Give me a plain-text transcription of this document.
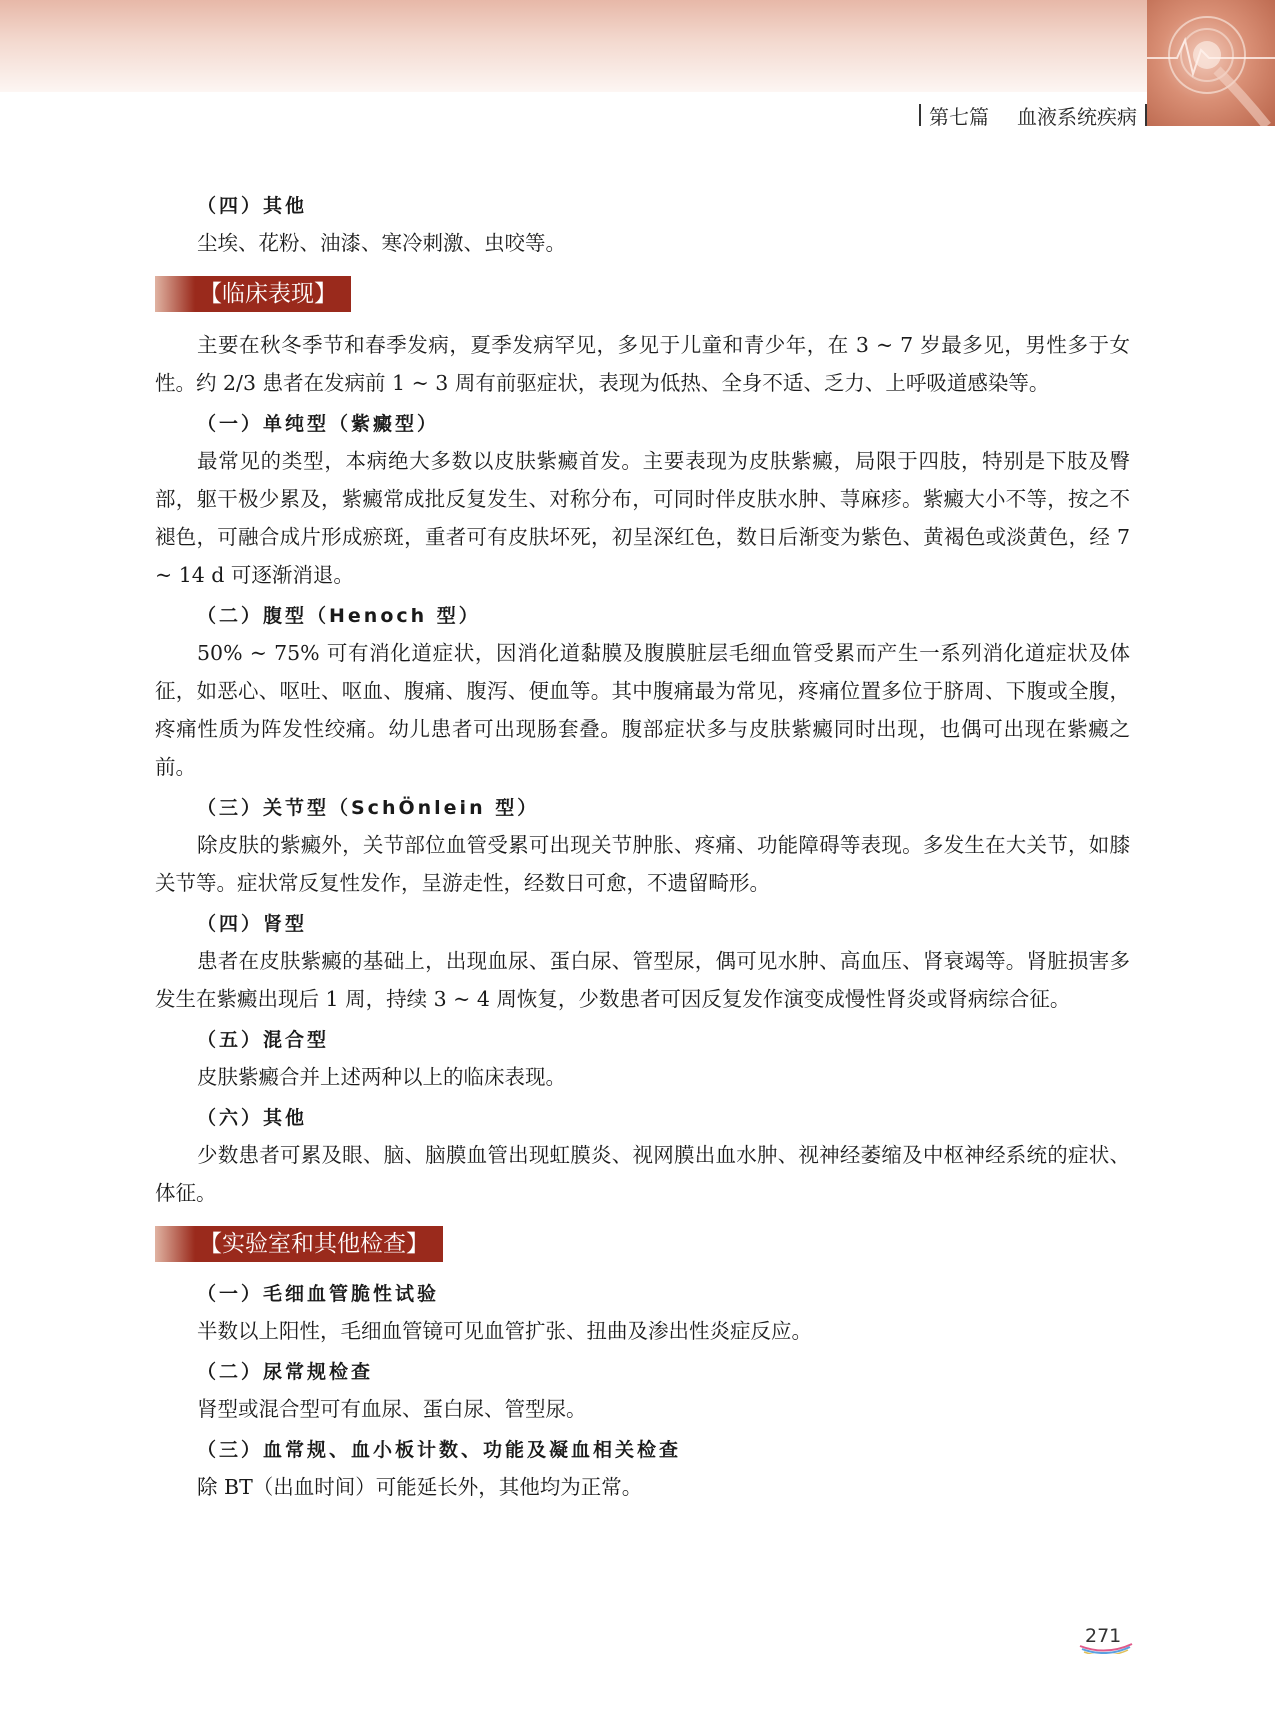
第七篇 血液系统疾病
（四）其他

尘埃、花粉、油漆、寒冷刺激、虫咬等。

【临床表现】

主要在秋冬季节和春季发病，夏季发病罕见，多见于儿童和青少年，在 3 ~ 7 岁最多见，男性多于女性。约 2/3 患者在发病前 1 ~ 3 周有前驱症状，表现为低热、全身不适、乏力、上呼吸道感染等。

（一）单纯型（紫癜型）

最常见的类型，本病绝大多数以皮肤紫癜首发。主要表现为皮肤紫癜，局限于四肢，特别是下肢及臀部，躯干极少累及，紫癜常成批反复发生、对称分布，可同时伴皮肤水肿、荨麻疹。紫癜大小不等，按之不褪色，可融合成片形成瘀斑，重者可有皮肤坏死，初呈深红色，数日后渐变为紫色、黄褐色或淡黄色，经 7 ~ 14 d 可逐渐消退。

（二）腹型（Henoch 型）

50% ~ 75% 可有消化道症状，因消化道黏膜及腹膜脏层毛细血管受累而产生一系列消化道症状及体征，如恶心、呕吐、呕血、腹痛、腹泻、便血等。其中腹痛最为常见，疼痛位置多位于脐周、下腹或全腹，疼痛性质为阵发性绞痛。幼儿患者可出现肠套叠。腹部症状多与皮肤紫癜同时出现，也偶可出现在紫癜之前。

（三）关节型（SchÖnlein 型）

除皮肤的紫癜外，关节部位血管受累可出现关节肿胀、疼痛、功能障碍等表现。多发生在大关节，如膝关节等。症状常反复性发作，呈游走性，经数日可愈，不遗留畸形。

（四）肾型

患者在皮肤紫癜的基础上，出现血尿、蛋白尿、管型尿，偶可见水肿、高血压、肾衰竭等。肾脏损害多发生在紫癜出现后 1 周，持续 3 ~ 4 周恢复，少数患者可因反复发作演变成慢性肾炎或肾病综合征。

（五）混合型

皮肤紫癜合并上述两种以上的临床表现。

（六）其他

少数患者可累及眼、脑、脑膜血管出现虹膜炎、视网膜出血水肿、视神经萎缩及中枢神经系统的症状、体征。

【实验室和其他检查】
（一）毛细血管脆性试验

半数以上阳性，毛细血管镜可见血管扩张、扭曲及渗出性炎症反应。

（二）尿常规检查

肾型或混合型可有血尿、蛋白尿、管型尿。

（三）血常规、血小板计数、功能及凝血相关检查

除 BT（出血时间）可能延长外，其他均为正常。

271
